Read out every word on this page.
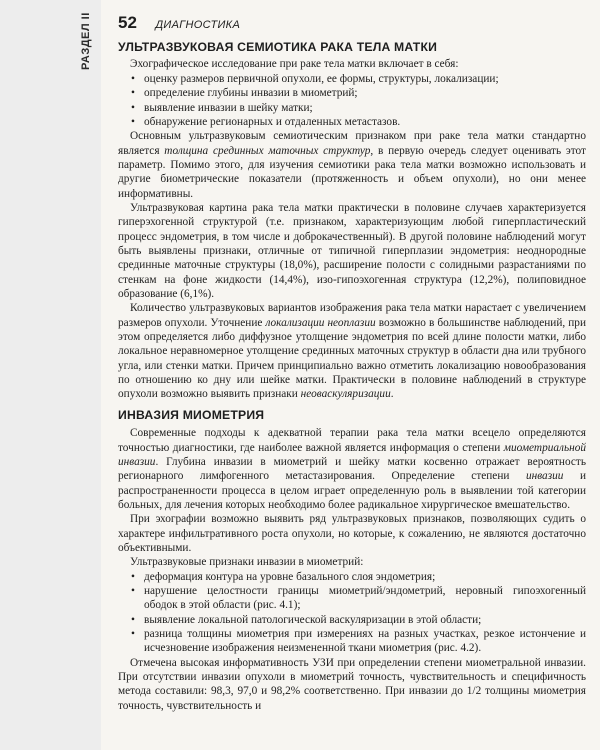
РАЗДЕЛ II 52 ДИАГНОСТИКА
УЛЬТРАЗВУКОВАЯ СЕМИОТИКА РАКА ТЕЛА МАТКИ

Эхографическое исследование при раке тела матки включает в себя:

• оценку размеров первичной опухоли, ее формы, структуры, локализации;
• определение глубины инвазии в миометрий;
• выявление инвазии в шейку матки;
• обнаружение регионарных и отдаленных метастазов.

Основным ультразвуковым семиотическим признаком при раке тела матки стандартно является толщина срединных маточных структур, в первую очередь следует оценивать этот параметр. Помимо этого, для изучения семиотики рака тела матки возможно использовать и другие биометрические показатели (протяженность и объем опухоли), но они менее информативны.

Ультразвуковая картина рака тела матки практически в половине случаев характеризуется гиперэхогенной структурой (т.е. признаком, характеризующим любой гиперпластический процесс эндометрия, в том числе и доброкачественный). В другой половине наблюдений могут быть выявлены признаки, отличные от типичной гиперплазии эндометрия: неоднородные срединные маточные структуры (18,0%), расширение полости с солидными разрастаниями по стенкам на фоне жидкости (14,4%), изо-гипоэхогенная структура (12,2%), полиповидное образование (6,1%).

Количество ультразвуковых вариантов изображения рака тела матки нарастает с увеличением размеров опухоли. Уточнение локализации неоплазии возможно в большинстве наблюдений, при этом определяется либо диффузное утолщение эндометрия по всей длине полости матки, либо локальное неравномерное утолщение срединных маточных структур в области дна или трубного угла, или стенки матки. Причем принципиально важно отметить локализацию новообразования по отношению ко дну или шейке матки. Практически в половине наблюдений в структуре опухоли возможно выявить признаки неоваскуляризации.

ИНВАЗИЯ МИОМЕТРИЯ

Современные подходы к адекватной терапии рака тела матки всецело определяются точностью диагностики, где наиболее важной является информация о степени миометриальной инвазии. Глубина инвазии в миометрий и шейку матки косвенно отражает вероятность регионарного лимфогенного метастазирования. Определение степени инвазии и распространенности процесса в целом играет определенную роль в выявлении той категории больных, для лечения которых необходимо более радикальное хирургическое вмешательство.

При эхографии возможно выявить ряд ультразвуковых признаков, позволяющих судить о характере инфильтративного роста опухоли, но которые, к сожалению, не являются достаточно объективными.

Ультразвуковые признаки инвазии в миометрий:

• деформация контура на уровне базального слоя эндометрия;
• нарушение целостности границы миометрий/эндометрий, неровный гипоэхогенный ободок в этой области (рис. 4.1);
• выявление локальной патологической васкуляризации в этой области;
• разница толщины миометрия при измерениях на разных участках, резкое истончение и исчезновение изображения неизмененной ткани миометрия (рис. 4.2).

Отмечена высокая информативность УЗИ при определении степени миометральной инвазии. При отсутствии инвазии опухоли в миометрий точность, чувствительность и специфичность метода составили: 98,3, 97,0 и 98,2% соответственно. При инвазии до 1/2 толщины миометрия точность, чувствительность и
